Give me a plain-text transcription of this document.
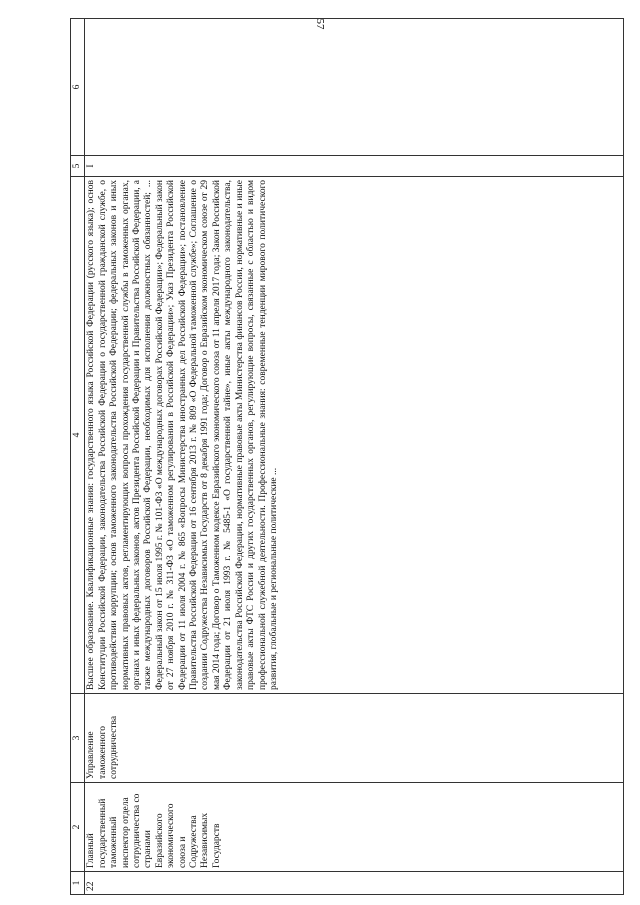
57
1	2	3	4	5	6
22	Главный государственный таможенный инспектор отдела сотрудничества со странами Евразийского экономического союза и Содружества Независимых Государств	Управление таможенного сотрудничества	Высшее образование. Квалификационные знания: государственного языка Российской Федерации (русского языка); основ Конституции Российской Федерации, законодательства Российской Федерации о государственной гражданской службе, о противодействии коррупции; основ таможенного законодательства Российской Федерации; федеральных законов и иных нормативных правовых актов, регламентирующих вопросы прохождения государственной службы в таможенных органах, органах и иных федеральных законов, актов Президента Российской Федерации и Правительства Российской Федерации, а также международных договоров Российской Федерации, необходимых для исполнения должностных обязанностей; ... Федеральный закон от 15 июля 1995 г. № 101-ФЗ «О международных договорах Российской Федерации»; Федеральный закон от 27 ноября 2010 г. № 311-ФЗ «О таможенном регулировании в Российской Федерации»; Указ Президента Российской Федерации от 11 июля 2004 г. № 865 «Вопросы Министерства иностранных дел Российской Федерации»; постановление Правительства Российской Федерации от 16 сентября 2013 г. № 809 «О Федеральной таможенной службе»; Соглашение о создании Содружества Независимых Государств от 8 декабря 1991 года; Договор о Евразийском экономическом союзе от 29 мая 2014 года; Договор о Таможенном кодексе Евразийского экономического союза от 11 апреля 2017 года; Закон Российской Федерации от 21 июля 1993 г. № 5485-1 «О государственной тайне», иные акты международного законодательства, законодательства Российской Федерации, нормативные правовые акты Министерства финансов России, нормативные и иные правовые акты ФТС России и других государственных органов, регулирующие вопросы, связанные с областью и видом профессиональной служебной деятельности. Профессиональные знания: современные тенденции мирового политического развития, глобальные и региональные политические ...	I	
